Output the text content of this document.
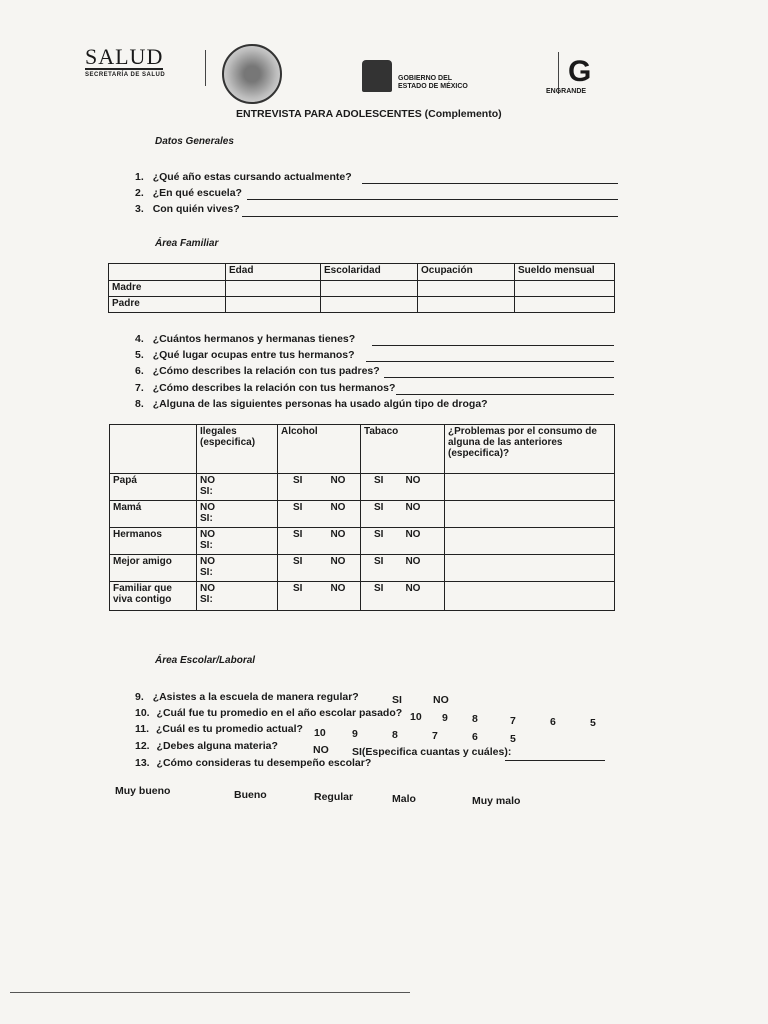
SALUD
SECRETARÍA DE SALUD	GOBIERNO DEL
ESTADO DE MÉXICO	G
ENGRANDE
ENTREVISTA PARA ADOLESCENTES (Complemento)
Datos Generales
1. ¿Qué año estas cursando actualmente?
2. ¿En qué escuela?
3. Con quién vives?
Área Familiar
	Edad	Escolaridad	Ocupación	Sueldo mensual
Madre				
Padre				
4. ¿Cuántos hermanos y hermanas tienes?
5. ¿Qué lugar ocupas entre tus hermanos?
6. ¿Cómo describes la relación con tus padres?
7. ¿Cómo describes la relación con tus hermanos?
8. ¿Alguna de las siguientes personas ha usado algún tipo de droga?
	Ilegales (especifica)	Alcohol	Tabaco	¿Problemas por el consumo de alguna de las anteriores (especifica)?
Papá	NO
SI:	SI NO	SI NO	
Mamá	NO
SI:	SI NO	SI NO	
Hermanos	NO
SI:	SI NO	SI NO	
Mejor amigo	NO
SI:	SI NO	SI NO	
Familiar que vivа contigo	NO
SI:	SI NO	SI NO	
Área Escolar/Laboral
9. ¿Asistes a la escuela de manera regular?	SI	NO
10. ¿Cuál fue tu promedio en el año escolar pasado? 10 9 8	7	6	5
11. ¿Cuál es tu promedio actual? 10	9	8	7	6	5
12. ¿Debes alguna materia?	NO SI(Especifica cuantas y cuáles):
13. ¿Cómo consideras tu desempeño escolar?
Muy bueno	Bueno	Regular	Malo	Muy malo
